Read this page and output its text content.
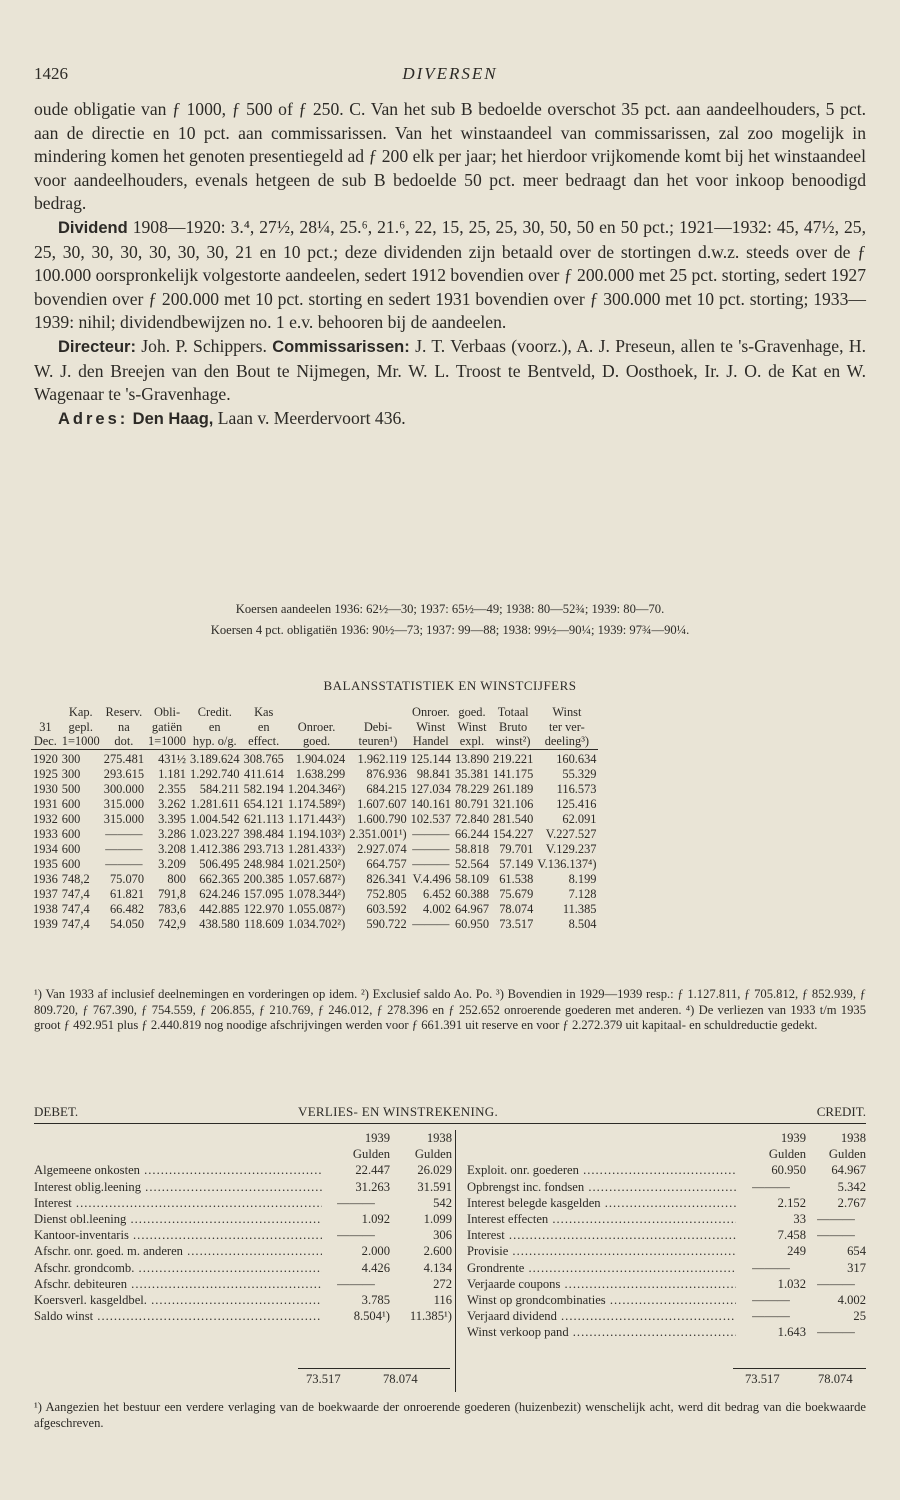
1426	DIVERSEN

oude obligatie van ƒ 1000, ƒ 500 of ƒ 250. C. Van het sub B bedoelde overschot 35 pct. aan aandeelhouders, 5 pct. aan de directie en 10 pct. aan commissarissen. Van het winstaandeel van commissarissen, zal zoo mogelijk in mindering komen het genoten presentiegeld ad ƒ 200 elk per jaar; het hierdoor vrijkomende komt bij het winstaandeel voor aandeelhouders, evenals hetgeen de sub B bedoelde 50 pct. meer bedraagt dan het voor inkoop benoodigd bedrag.

Dividend 1908—1920: 3.⁴, 27½, 28¼, 25.⁶, 21.⁶, 22, 15, 25, 25, 30, 50, 50 en 50 pct.; 1921—1932: 45, 47½, 25, 25, 30, 30, 30, 30, 30, 30, 21 en 10 pct.; deze dividenden zijn betaald over de stortingen d.w.z. steeds over de ƒ 100.000 oorspronkelijk volgestorte aandeelen, sedert 1912 bovendien over ƒ 200.000 met 25 pct. storting, sedert 1927 bovendien over ƒ 200.000 met 10 pct. storting en sedert 1931 bovendien over ƒ 300.000 met 10 pct. storting; 1933—1939: nihil; dividendbewijzen no. 1 e.v. behooren bij de aandeelen.

Directeur: Joh. P. Schippers. Commissarissen: J. T. Verbaas (voorz.), A. J. Preseun, allen te 's-Gravenhage, H. W. J. den Breejen van den Bout te Nijmegen, Mr. W. L. Troost te Bentveld, D. Oosthoek, Ir. J. O. de Kat en W. Wagenaar te 's-Gravenhage.

Adres: Den Haag, Laan v. Meerdervoort 436.

Koersen aandeelen 1936: 62½—30; 1937: 65½—49; 1938: 80—52¾; 1939: 80—70.
Koersen 4 pct. obligatiën 1936: 90½—73; 1937: 99—88; 1938: 99½—90¼; 1939: 97¾—90¼.
BALANSSTATISTIEK EN WINSTCIJFERS
	Kap.	Reserv.	Obli-	Credit.	Kas			Onroer.	goed.	Totaal	Winst
31	gepl.	na	gatiën	en	en	Onroer.	Debi-	Winst	Winst	Bruto	ter ver-
Dec.	1=1000	dot.	1=1000	hyp. o/g.	effect.	goed.	teuren¹)	Handel	expl.	winst²)	deeling³)
1920	300	275.481	431½	3.189.624	308.765	1.904.024	1.962.119	125.144	13.890	219.221	160.634
1925	300	293.615	1.181	1.292.740	411.614	1.638.299	876.936	98.841	35.381	141.175	55.329
1930	500	300.000	2.355	584.211	582.194	1.204.346²)	684.215	127.034	78.229	261.189	116.573
1931	600	315.000	3.262	1.281.611	654.121	1.174.589²)	1.607.607	140.161	80.791	321.106	125.416
1932	600	315.000	3.395	1.004.542	621.113	1.171.443²)	1.600.790	102.537	72.840	281.540	62.091
1933	600	———	3.286	1.023.227	398.484	1.194.103²)	2.351.001¹)	———	66.244	154.227	V.227.527
1934	600	———	3.208	1.412.386	293.713	1.281.433²)	2.927.074	———	58.818	79.701	V.129.237
1935	600	———	3.209	506.495	248.984	1.021.250²)	664.757	———	52.564	57.149	V.136.137⁴)
1936	748,2	75.070	800	662.365	200.385	1.057.687²)	826.341	V.4.496	58.109	61.538	8.199
1937	747,4	61.821	791,8	624.246	157.095	1.078.344²)	752.805	6.452	60.388	75.679	7.128
1938	747,4	66.482	783,6	442.885	122.970	1.055.087²)	603.592	4.002	64.967	78.074	11.385
1939	747,4	54.050	742,9	438.580	118.609	1.034.702²)	590.722	———	60.950	73.517	8.504
¹) Van 1933 af inclusief deelnemingen en vorderingen op idem. ²) Exclusief saldo Ao. Po. ³) Bovendien in 1929—1939 resp.: ƒ 1.127.811, ƒ 705.812, ƒ 852.939, ƒ 809.720, ƒ 767.390, ƒ 754.559, ƒ 206.855, ƒ 210.769, ƒ 246.012, ƒ 278.396 en ƒ 252.652 onroerende goederen met anderen. ⁴) De verliezen van 1933 t/m 1935 groot ƒ 492.951 plus ƒ 2.440.819 nog noodige afschrijvingen werden voor ƒ 661.391 uit reserve en voor ƒ 2.272.379 uit kapitaal- en schuldreductie gedekt.
DEBET.	VERLIES- EN WINSTREKENING.	CREDIT.
1939	1938
Gulden	Gulden
Algemeene onkosten .....	22.447	26.029
Interest oblig.leening .....	31.263	31.591
Interest .....	———	542
Dienst obl.leening .....	1.092	1.099
Kantoor-inventaris .....	———	306
Afschr. onr. goed. m. anderen .....	2.000	2.600
Afschr. grondcomb. .....	4.426	4.134
Afschr. debiteuren .....	———	272
Koersverl. kasgeldbel. .....	3.785	116
Saldo winst .....	8.504¹)	11.385¹)
1939	1938
Gulden	Gulden
Exploit. onr. goederen .....	60.950	64.967
Opbrengst inc. fondsen .....	———	5.342
Interest belegde kasgelden .....	2.152	2.767
Interest effecten .....	33 ———
Interest .....	7.458 ———
Provisie .....	249	654
Grondrente .....	———	317
Verjaarde coupons .....	1.032 ———
Winst op grondcombinaties .....	———	4.002
Verjaard dividend .....	———	25
Winst verkoop pand .....	1.643 ———
73.517	78.074	73.517	78.074
¹) Aangezien het bestuur een verdere verlaging van de boekwaarde der onroerende goederen (huizenbezit) wenschelijk acht, werd dit bedrag van die boekwaarde afgeschreven.
